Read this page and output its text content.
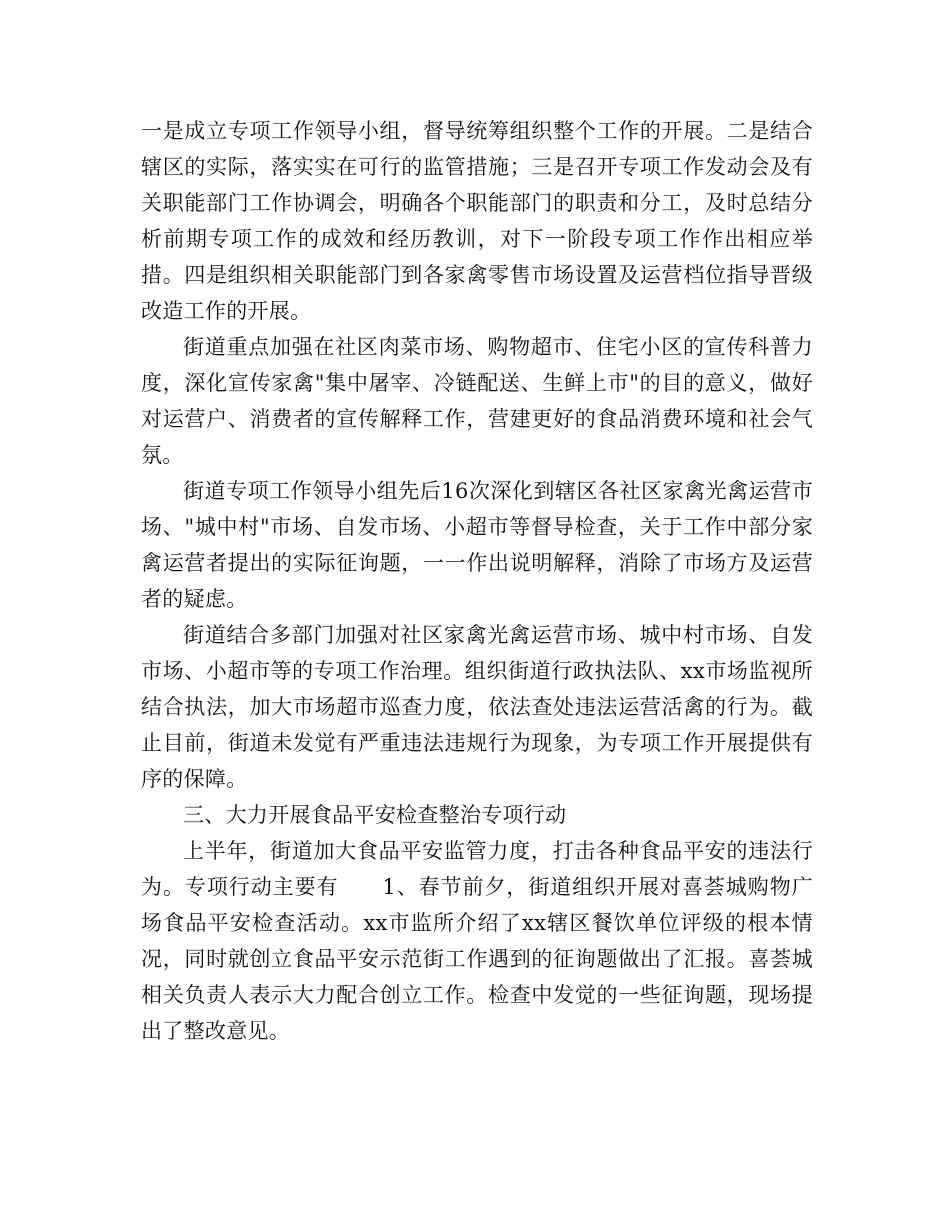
一是成立专项工作领导小组，督导统筹组织整个工作的开展。二是结合辖区的实际，落实实在可行的监管措施；三是召开专项工作发动会及有关职能部门工作协调会，明确各个职能部门的职责和分工，及时总结分析前期专项工作的成效和经历教训，对下一阶段专项工作作出相应举措。四是组织相关职能部门到各家禽零售市场设置及运营档位指导晋级改造工作的开展。

街道重点加强在社区肉菜市场、购物超市、住宅小区的宣传科普力度，深化宣传家禽"集中屠宰、冷链配送、生鲜上市"的目的意义，做好对运营户、消费者的宣传解释工作，营建更好的食品消费环境和社会气氛。

街道专项工作领导小组先后16次深化到辖区各社区家禽光禽运营市场、"城中村"市场、自发市场、小超市等督导检查，关于工作中部分家禽运营者提出的实际征询题，一一作出说明解释，消除了市场方及运营者的疑虑。

街道结合多部门加强对社区家禽光禽运营市场、城中村市场、自发市场、小超市等的专项工作治理。组织街道行政执法队、xx市场监视所结合执法，加大市场超市巡查力度，依法查处违法运营活禽的行为。截止目前，街道未发觉有严重违法违规行为现象，为专项工作开展提供有序的保障。

三、大力开展食品平安检查整治专项行动

上半年，街道加大食品平安监管力度，打击各种食品平安的违法行为。专项行动主要有　　1、春节前夕，街道组织开展对喜荟城购物广场食品平安检查活动。xx市监所介绍了xx辖区餐饮单位评级的根本情况，同时就创立食品平安示范街工作遇到的征询题做出了汇报。喜荟城相关负责人表示大力配合创立工作。检查中发觉的一些征询题，现场提出了整改意见。
